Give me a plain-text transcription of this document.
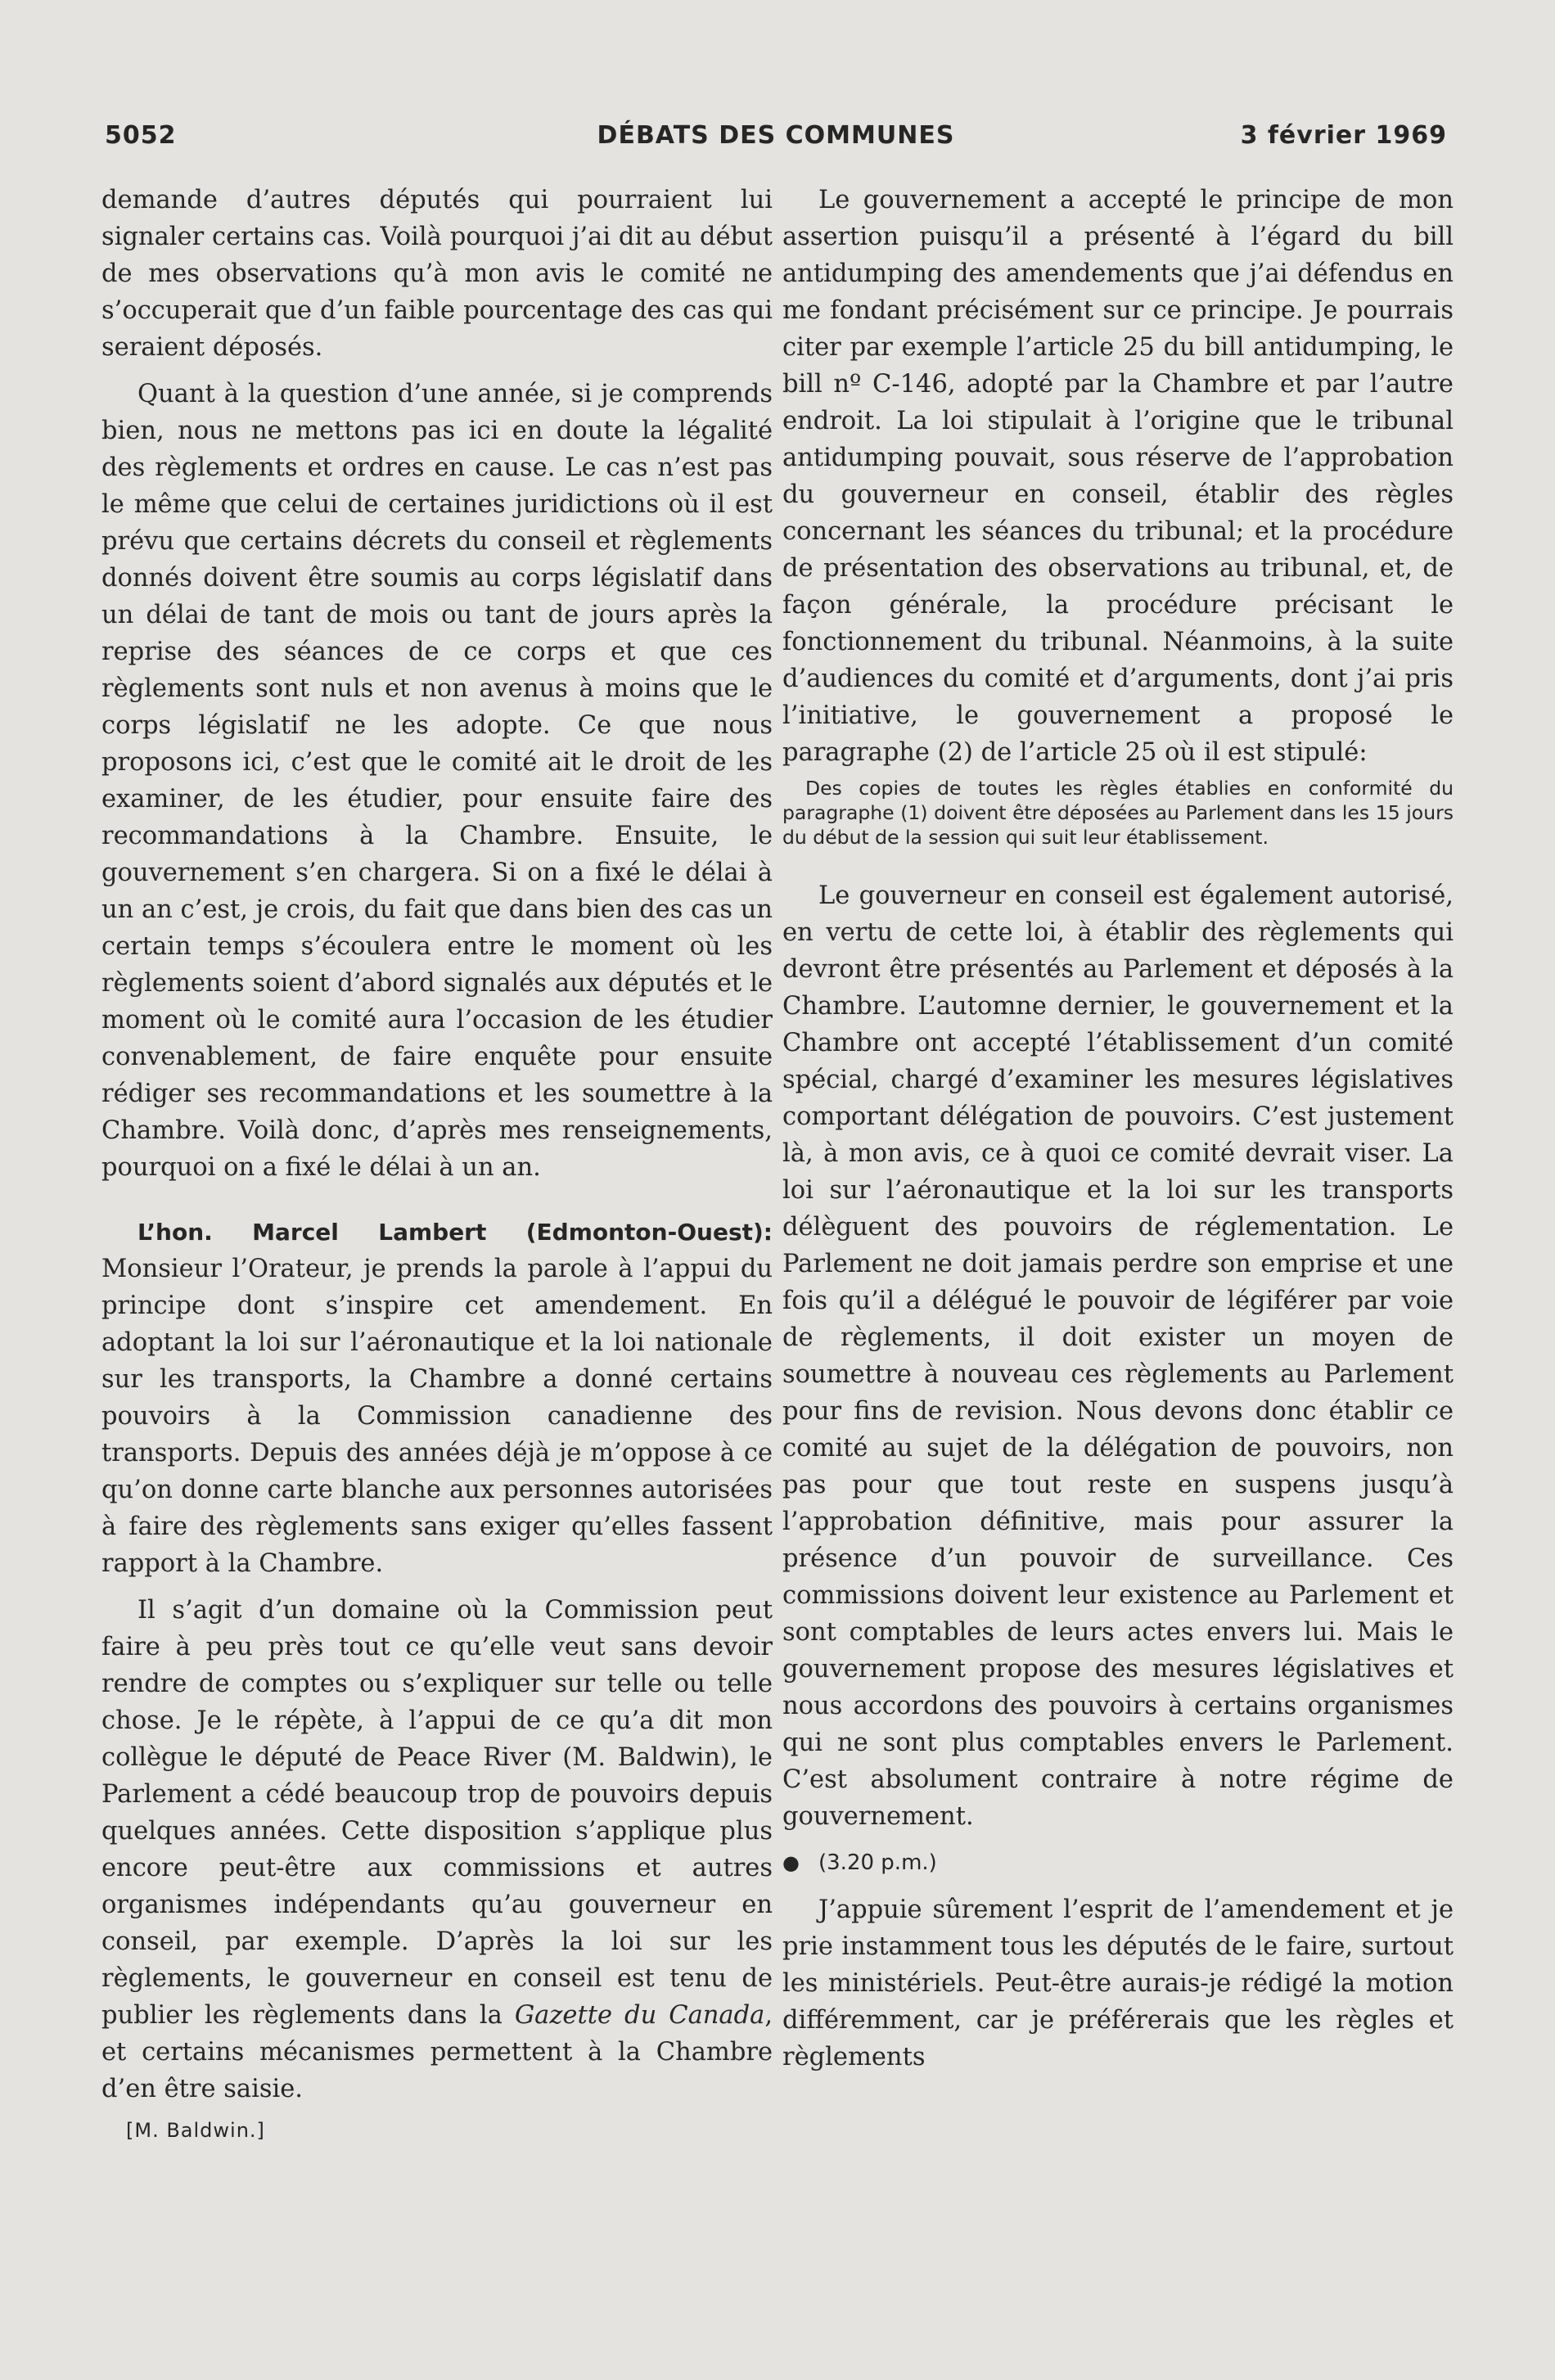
5052	DÉBATS DES COMMUNES	3 février 1969

demande d’autres députés qui pourraient lui signaler certains cas. Voilà pourquoi j’ai dit au début de mes observations qu’à mon avis le comité ne s’occuperait que d’un faible pourcentage des cas qui seraient déposés.

Quant à la question d’une année, si je comprends bien, nous ne mettons pas ici en doute la légalité des règlements et ordres en cause. Le cas n’est pas le même que celui de certaines juridictions où il est prévu que certains décrets du conseil et règlements donnés doivent être soumis au corps législatif dans un délai de tant de mois ou tant de jours après la reprise des séances de ce corps et que ces règlements sont nuls et non avenus à moins que le corps législatif ne les adopte. Ce que nous proposons ici, c’est que le comité ait le droit de les examiner, de les étudier, pour ensuite faire des recommandations à la Chambre. Ensuite, le gouvernement s’en chargera. Si on a fixé le délai à un an c’est, je crois, du fait que dans bien des cas un certain temps s’écoulera entre le moment où les règlements soient d’abord signalés aux députés et le moment où le comité aura l’occasion de les étudier convenablement, de faire enquête pour ensuite rédiger ses recommandations et les soumettre à la Chambre. Voilà donc, d’après mes renseignements, pourquoi on a fixé le délai à un an.

L’hon. Marcel Lambert (Edmonton-Ouest): Monsieur l’Orateur, je prends la parole à l’appui du principe dont s’inspire cet amendement. En adoptant la loi sur l’aéronautique et la loi nationale sur les transports, la Chambre a donné certains pouvoirs à la Commission canadienne des transports. Depuis des années déjà je m’oppose à ce qu’on donne carte blanche aux personnes autorisées à faire des règlements sans exiger qu’elles fassent rapport à la Chambre.

Il s’agit d’un domaine où la Commission peut faire à peu près tout ce qu’elle veut sans devoir rendre de comptes ou s’expliquer sur telle ou telle chose. Je le répète, à l’appui de ce qu’a dit mon collègue le député de Peace River (M. Baldwin), le Parlement a cédé beaucoup trop de pouvoirs depuis quelques années. Cette disposition s’applique plus encore peut-être aux commissions et autres organismes indépendants qu’au gouverneur en conseil, par exemple. D’après la loi sur les règlements, le gouverneur en conseil est tenu de publier les règlements dans la Gazette du Canada, et certains mécanismes permettent à la Chambre d’en être saisie.

[M. Baldwin.]

Le gouvernement a accepté le principe de mon assertion puisqu’il a présenté à l’égard du bill antidumping des amendements que j’ai défendus en me fondant précisément sur ce principe. Je pourrais citer par exemple l’article 25 du bill antidumping, le bill nº C-146, adopté par la Chambre et par l’autre endroit. La loi stipulait à l’origine que le tribunal antidumping pouvait, sous réserve de l’approbation du gouverneur en conseil, établir des règles concernant les séances du tribunal; et la procédure de présentation des observations au tribunal, et, de façon générale, la procédure précisant le fonctionnement du tribunal. Néanmoins, à la suite d’audiences du comité et d’arguments, dont j’ai pris l’initiative, le gouvernement a proposé le paragraphe (2) de l’article 25 où il est stipulé:

Des copies de toutes les règles établies en conformité du paragraphe (1) doivent être déposées au Parlement dans les 15 jours du début de la session qui suit leur établissement.

Le gouverneur en conseil est également autorisé, en vertu de cette loi, à établir des règlements qui devront être présentés au Parlement et déposés à la Chambre. L’automne dernier, le gouvernement et la Chambre ont accepté l’établissement d’un comité spécial, chargé d’examiner les mesures législatives comportant délégation de pouvoirs. C’est justement là, à mon avis, ce à quoi ce comité devrait viser. La loi sur l’aéronautique et la loi sur les transports délèguent des pouvoirs de réglementation. Le Parlement ne doit jamais perdre son emprise et une fois qu’il a délégué le pouvoir de légiférer par voie de règlements, il doit exister un moyen de soumettre à nouveau ces règlements au Parlement pour fins de revision. Nous devons donc établir ce comité au sujet de la délégation de pouvoirs, non pas pour que tout reste en suspens jusqu’à l’approbation définitive, mais pour assurer la présence d’un pouvoir de surveillance. Ces commissions doivent leur existence au Parlement et sont comptables de leurs actes envers lui. Mais le gouvernement propose des mesures législatives et nous accordons des pouvoirs à certains organismes qui ne sont plus comptables envers le Parlement. C’est absolument contraire à notre régime de gouvernement.

● (3.20 p.m.)

J’appuie sûrement l’esprit de l’amendement et je prie instamment tous les députés de le faire, surtout les ministériels. Peut-être aurais-je rédigé la motion différemment, car je préférerais que les règles et règlements
